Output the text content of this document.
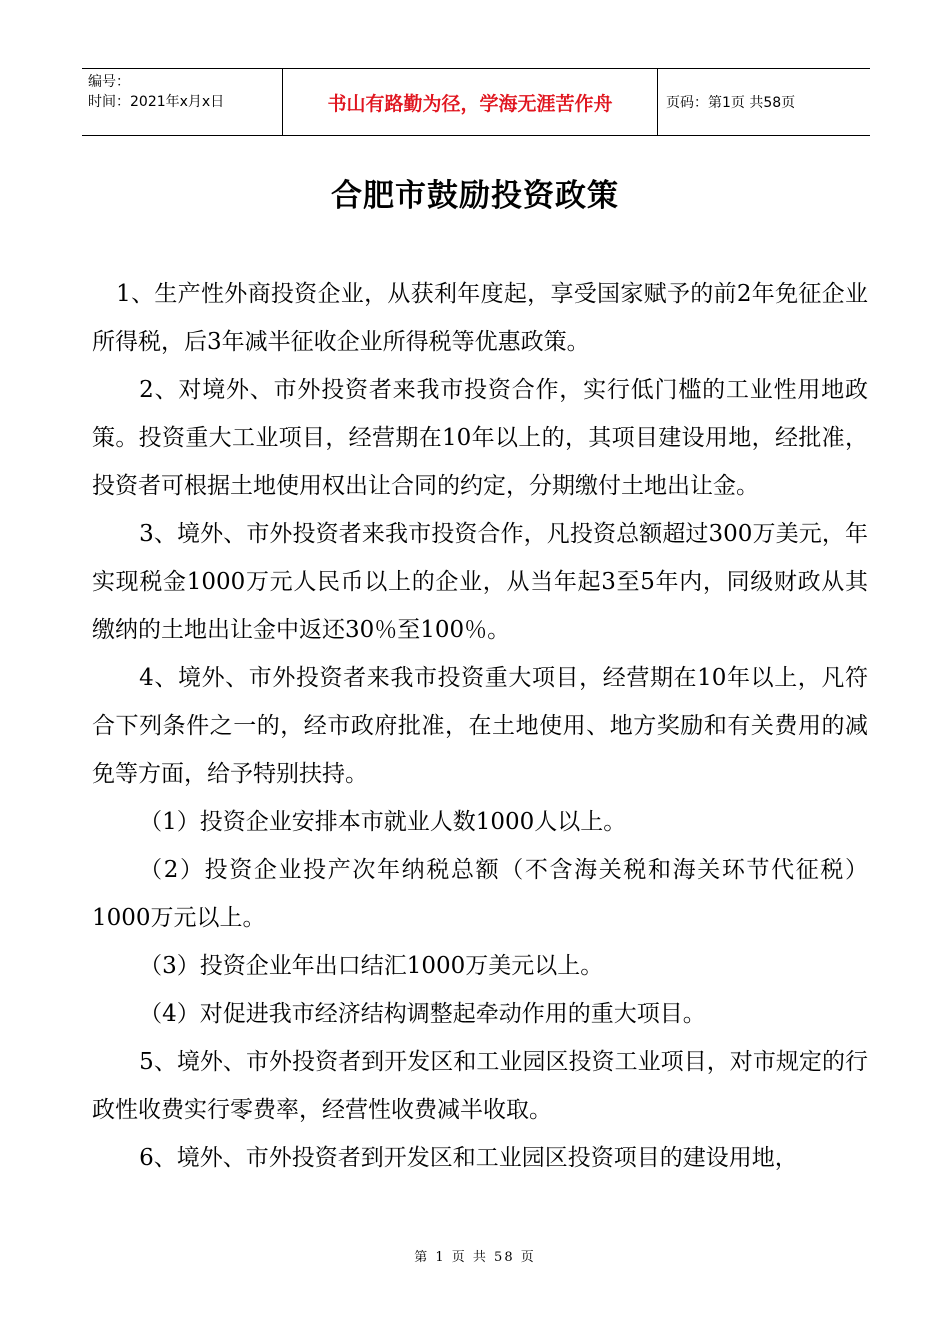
编号：
时间：2021年x月x日	书山有路勤为径，学海无涯苦作舟	页码：第1页 共58页
合肥市鼓励投资政策

1、生产性外商投资企业，从获利年度起，享受国家赋予的前2年免征企业所得税，后3年减半征收企业所得税等优惠政策。

2、对境外、市外投资者来我市投资合作，实行低门槛的工业性用地政策。投资重大工业项目，经营期在10年以上的，其项目建设用地，经批准，投资者可根据土地使用权出让合同的约定，分期缴付土地出让金。

3、境外、市外投资者来我市投资合作，凡投资总额超过300万美元，年实现税金1000万元人民币以上的企业，从当年起3至5年内，同级财政从其缴纳的土地出让金中返还30％至100％。

4、境外、市外投资者来我市投资重大项目，经营期在10年以上，凡符合下列条件之一的，经市政府批准，在土地使用、地方奖励和有关费用的减免等方面，给予特别扶持。

（1）投资企业安排本市就业人数1000人以上。

（2）投资企业投产次年纳税总额（不含海关税和海关环节代征税）1000万元以上。

（3）投资企业年出口结汇1000万美元以上。

（4）对促进我市经济结构调整起牵动作用的重大项目。

5、境外、市外投资者到开发区和工业园区投资工业项目，对市规定的行政性收费实行零费率，经营性收费减半收取。

6、境外、市外投资者到开发区和工业园区投资项目的建设用地，

第 1 页 共 58 页
